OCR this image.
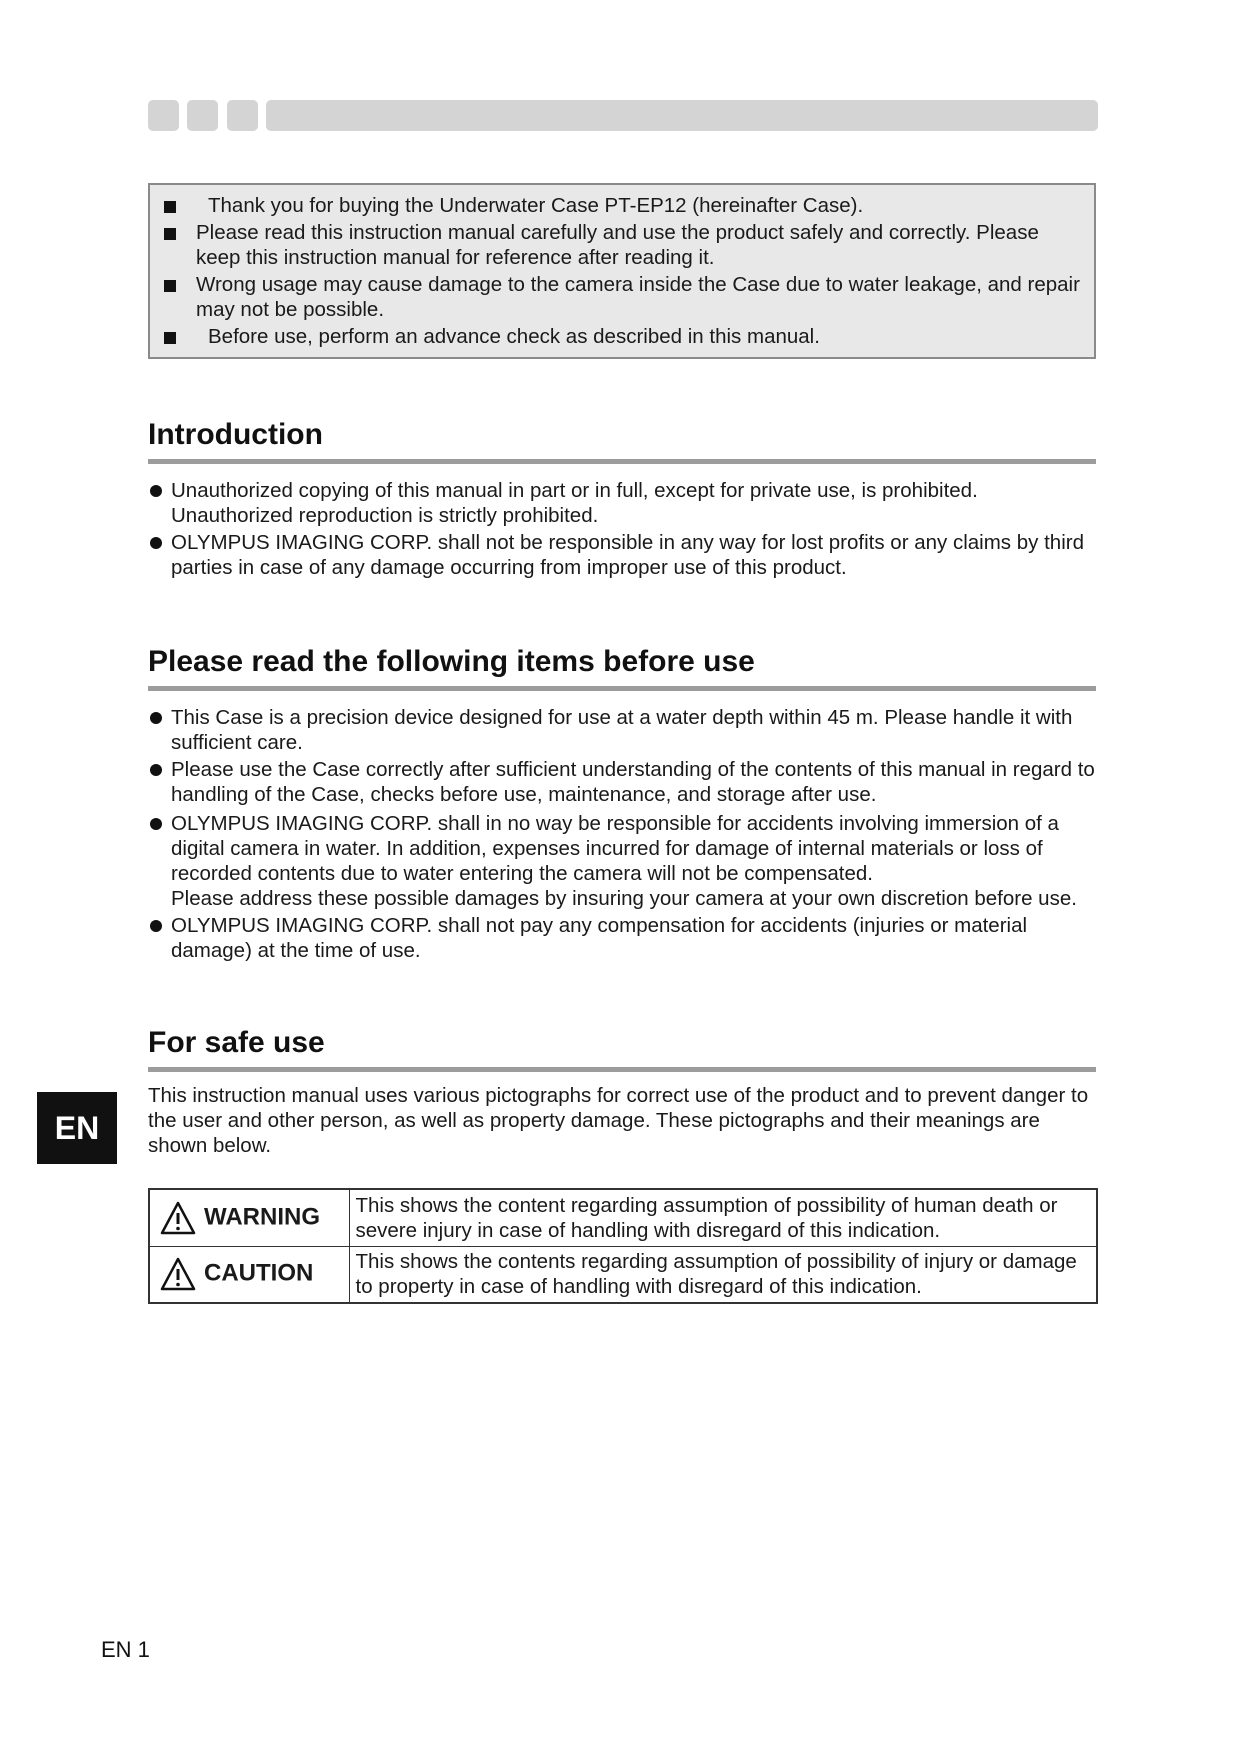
Thank you for buying the Underwater Case PT-EP12 (hereinafter Case).
Please read this instruction manual carefully and use the product safely and correctly. Please keep this instruction manual for reference after reading it.
Wrong usage may cause damage to the camera inside the Case due to water leakage, and repair may not be possible.
Before use, perform an advance check as described in this manual.
Introduction
Unauthorized copying of this manual in part or in full, except for private use, is prohibited. Unauthorized reproduction is strictly prohibited.
OLYMPUS IMAGING CORP. shall not be responsible in any way for lost profits or any claims by third parties in case of any damage occurring from improper use of this product.
Please read the following items before use
This Case is a precision device designed for use at a water depth within 45 m. Please handle it with sufficient care.
Please use the Case correctly after sufficient understanding of the contents of this manual in regard to handling of the Case, checks before use, maintenance, and storage after use.
OLYMPUS IMAGING CORP. shall in no way be responsible for accidents involving immersion of a digital camera in water. In addition, expenses incurred for damage of internal materials or loss of recorded contents due to water entering the camera will not be compensated.
Please address these possible damages by insuring your camera at your own discretion before use.
OLYMPUS IMAGING CORP. shall not pay any compensation for accidents (injuries or material damage) at the time of use.
For safe use
This instruction manual uses various pictographs for correct use of the product and to prevent danger to the user and other person, as well as property damage. These pictographs and their meanings are shown below.
WARNING	This shows the content regarding assumption of possibility of human death or severe injury in case of handling with disregard of this indication.
CAUTION	This shows the contents regarding assumption of possibility of injury or damage to property in case of handling with disregard of this indication.
EN
EN 1
